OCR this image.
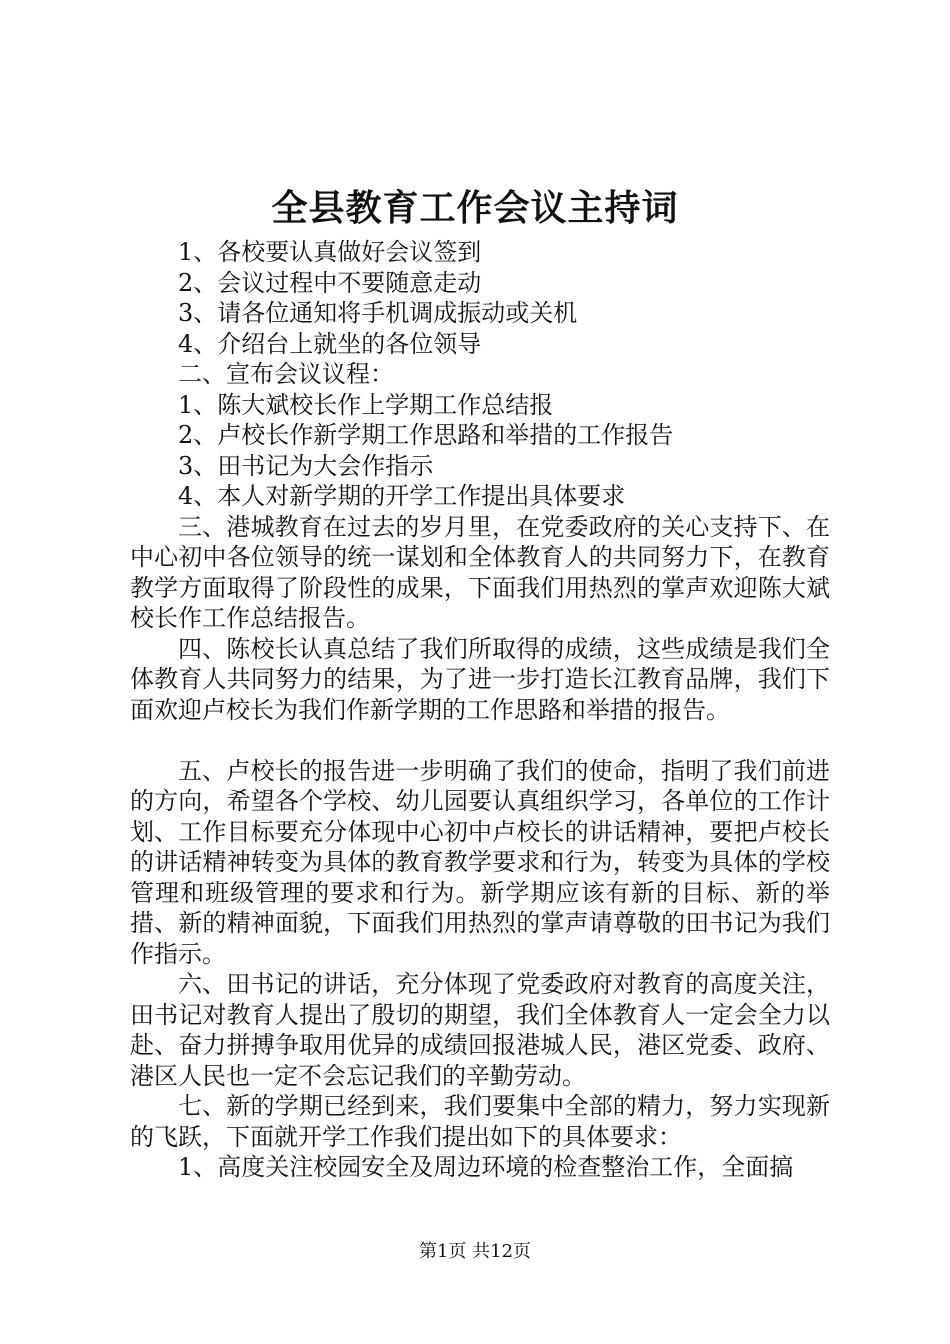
全县教育工作会议主持词
1、各校要认真做好会议签到
2、会议过程中不要随意走动
3、请各位通知将手机调成振动或关机
4、介绍台上就坐的各位领导
二、宣布会议议程：
1、陈大斌校长作上学期工作总结报
2、卢校长作新学期工作思路和举措的工作报告
3、田书记为大会作指示
4、本人对新学期的开学工作提出具体要求

三、港城教育在过去的岁月里，在党委政府的关心支持下、在中心初中各位领导的统一谋划和全体教育人的共同努力下，在教育教学方面取得了阶段性的成果，下面我们用热烈的掌声欢迎陈大斌校长作工作总结报告。

四、陈校长认真总结了我们所取得的成绩，这些成绩是我们全体教育人共同努力的结果，为了进一步打造长江教育品牌，我们下面欢迎卢校长为我们作新学期的工作思路和举措的报告。

五、卢校长的报告进一步明确了我们的使命，指明了我们前进的方向，希望各个学校、幼儿园要认真组织学习，各单位的工作计划、工作目标要充分体现中心初中卢校长的讲话精神，要把卢校长的讲话精神转变为具体的教育教学要求和行为，转变为具体的学校管理和班级管理的要求和行为。新学期应该有新的目标、新的举措、新的精神面貌，下面我们用热烈的掌声请尊敬的田书记为我们作指示。

六、田书记的讲话，充分体现了党委政府对教育的高度关注，田书记对教育人提出了殷切的期望，我们全体教育人一定会全力以赴、奋力拼搏争取用优异的成绩回报港城人民，港区党委、政府、港区人民也一定不会忘记我们的辛勤劳动。

七、新的学期已经到来，我们要集中全部的精力，努力实现新的飞跃，下面就开学工作我们提出如下的具体要求：

1、高度关注校园安全及周边环境的检查整治工作，全面搞

第1页 共12页
